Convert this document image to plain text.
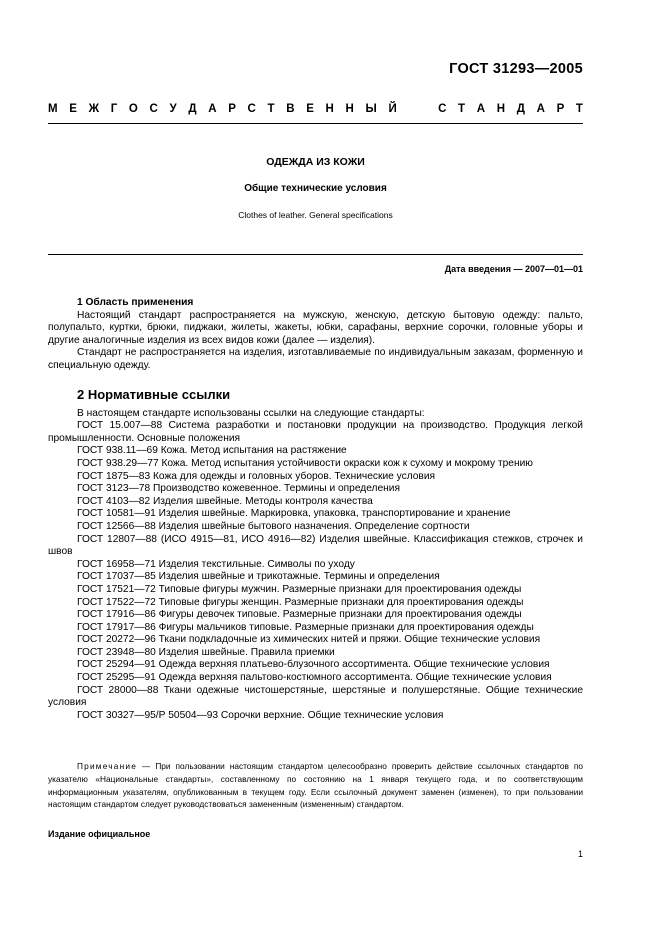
ГОСТ 31293—2005
М Е Ж Г О С У Д А Р С Т В Е Н Н Ы Й	С Т А Н Д А Р Т
ОДЕЖДА ИЗ КОЖИ
Общие технические условия
Clothes of leather. General specifications
Дата введения — 2007—01—01

1 Область применения

Настоящий стандарт распространяется на мужскую, женскую, детскую бытовую одежду: пальто, полупальто, куртки, брюки, пиджаки, жилеты, жакеты, юбки, сарафаны, верхние сорочки, головные уборы и другие аналогичные изделия из всех видов кожи (далее — изделия).

Стандарт не распространяется на изделия, изготавливаемые по индивидуальным заказам, форменную и специальную одежду.

2 Нормативные ссылки

В настоящем стандарте использованы ссылки на следующие стандарты:

ГОСТ 15.007—88 Система разработки и постановки продукции на производство. Продукция легкой промышленности. Основные положения

ГОСТ 938.11—69 Кожа. Метод испытания на растяжение

ГОСТ 938.29—77 Кожа. Метод испытания устойчивости окраски кож к сухому и мокрому трению

ГОСТ 1875—83 Кожа для одежды и головных уборов. Технические условия

ГОСТ 3123—78 Производство кожевенное. Термины и определения

ГОСТ 4103—82 Изделия швейные. Методы контроля качества

ГОСТ 10581—91 Изделия швейные. Маркировка, упаковка, транспортирование и хранение

ГОСТ 12566—88 Изделия швейные бытового назначения. Определение сортности

ГОСТ 12807—88 (ИСО 4915—81, ИСО 4916—82) Изделия швейные. Классификация стежков, строчек и швов

ГОСТ 16958—71 Изделия текстильные. Символы по уходу

ГОСТ 17037—85 Изделия швейные и трикотажные. Термины и определения

ГОСТ 17521—72 Типовые фигуры мужчин. Размерные признаки для проектирования одежды

ГОСТ 17522—72 Типовые фигуры женщин. Размерные признаки для проектирования одежды

ГОСТ 17916—86 Фигуры девочек типовые. Размерные признаки для проектирования одежды

ГОСТ 17917—86 Фигуры мальчиков типовые. Размерные признаки для проектирования одежды

ГОСТ 20272—96 Ткани подкладочные из химических нитей и пряжи. Общие технические условия

ГОСТ 23948—80 Изделия швейные. Правила приемки

ГОСТ 25294—91 Одежда верхняя платьево-блузочного ассортимента. Общие технические условия

ГОСТ 25295—91 Одежда верхняя пальтово-костюмного ассортимента. Общие технические условия

ГОСТ 28000—88 Ткани одежные чистошерстяные, шерстяные и полушерстяные. Общие технические условия

ГОСТ 30327—95/Р 50504—93 Сорочки верхние. Общие технические условия

Примечание — При пользовании настоящим стандартом целесообразно проверить действие ссылочных стандартов по указателю «Национальные стандарты», составленному по состоянию на 1 января текущего года, и по соответствующим информационным указателям, опубликованным в текущем году. Если ссылочный документ заменен (изменен), то при пользовании настоящим стандартом следует руководствоваться замененным (измененным) стандартом.

Издание официальное
1
